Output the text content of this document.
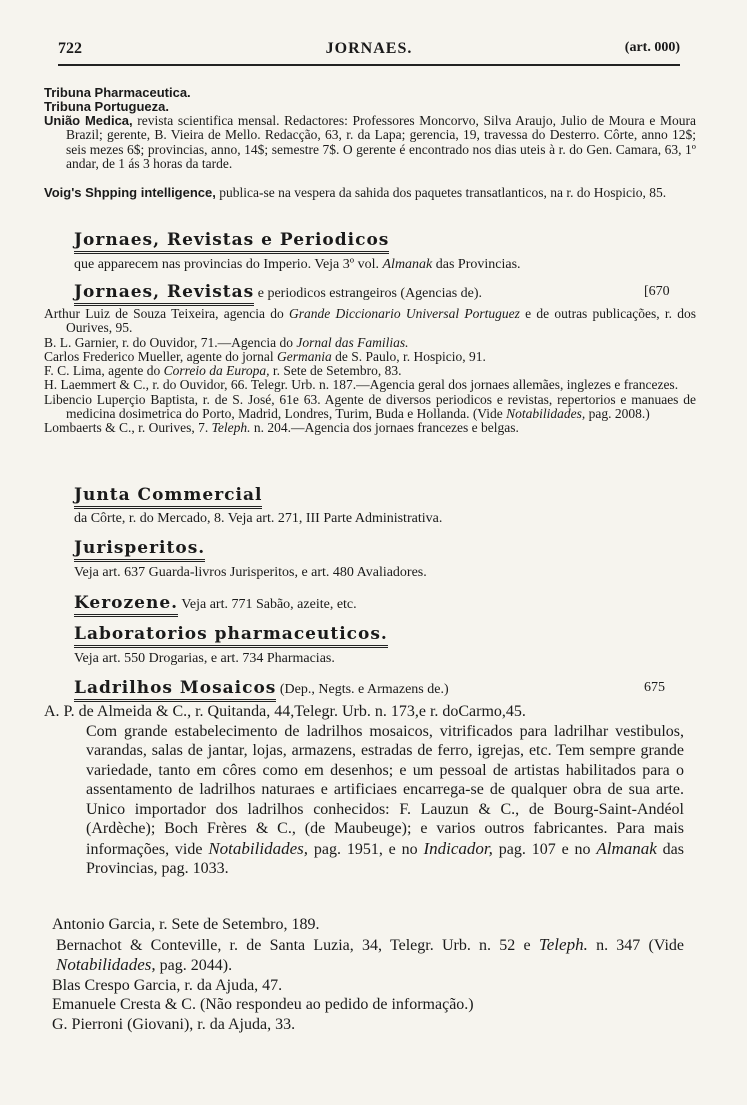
722	JORNAES.	(art. 000)
Tribuna Pharmaceutica.
Tribuna Portugueza.
União Medica, revista scientifica mensal. Redactores: Professores Moncorvo, Silva Araujo, Julio de Moura e Moura Brazil; gerente, B. Vieira de Mello. Redacção, 63, r. da Lapa; gerencia, 19, travessa do Desterro. Côrte, anno 12$; seis mezes 6$; provincias, anno, 14$; semestre 7$. O gerente é encontrado nos dias uteis à r. do Gen. Camara, 63, 1º andar, de 1 ás 3 horas da tarde.
Voig's Shpping intelligence, publica-se na vespera da sahida dos paquetes transatlanticos, na r. do Hospicio, 85.
Jornaes, Revistas e Periodicos
que apparecem nas provincias do Imperio. Veja 3º vol. Almanak das Provincias.
Jornaes, Revistas e periodicos estrangeiros (Agencias de).	[670
Arthur Luiz de Souza Teixeira, agencia do Grande Diccionario Universal Portuguez e de outras publicações, r. dos Ourives, 95.
B. L. Garnier, r. do Ouvidor, 71.—Agencia do Jornal das Familias.
Carlos Frederico Mueller, agente do jornal Germania de S. Paulo, r. Hospicio, 91.
F. C. Lima, agente do Correio da Europa, r. Sete de Setembro, 83.
H. Laemmert & C., r. do Ouvidor, 66. Telegr. Urb. n. 187.—Agencia geral dos jornaes allemães, inglezes e francezes.
Libencio Luperçio Baptista, r. de S. José, 61e 63. Agente de diversos periodicos e revistas, repertorios e manuaes de medicina dosimetrica do Porto, Madrid, Londres, Turim, Buda e Hollanda. (Vide Notabilidades, pag. 2008.)
Lombaerts & C., r. Ourives, 7. Teleph. n. 204.—Agencia dos jornaes francezes e belgas.
Junta Commercial
da Côrte, r. do Mercado, 8. Veja art. 271, III Parte Administrativa.
Jurisperitos.
Veja art. 637 Guarda-livros Jurisperitos, e art. 480 Avaliadores.
Kerozene. Veja art. 771 Sabão, azeite, etc.
Laboratorios pharmaceuticos.
Veja art. 550 Drogarias, e art. 734 Pharmacias.
Ladrilhos Mosaicos (Dep., Negts. e Armazens de.)	675
A. P. de Almeida & C., r. Quitanda, 44,Telegr. Urb. n. 173,e r. doCarmo,45.
Com grande estabelecimento de ladrilhos mosaicos, vitrificados para ladrilhar vestibulos, varandas, salas de jantar, lojas, armazens, estradas de ferro, igrejas, etc. Tem sempre grande variedade, tanto em côres como em desenhos; e um pessoal de artistas habilitados para o assentamento de ladrilhos naturaes e artificiaes encarrega-se de qualquer obra de sua arte. Unico importador dos ladrilhos conhecidos: F. Lauzun & C., de Bourg-Saint-Andéol (Ardèche); Boch Frères & C., (de Maubeuge); e varios outros fabricantes. Para mais informações, vide Notabilidades, pag. 1951, e no Indicador, pag. 107 e no Almanak das Provincias, pag. 1033.
Antonio Garcia, r. Sete de Setembro, 189.
Bernachot & Conteville, r. de Santa Luzia, 34, Telegr. Urb. n. 52 e Teleph. n. 347 (Vide Notabilidades, pag. 2044).
Blas Crespo Garcia, r. da Ajuda, 47.
Emanuele Cresta & C. (Não respondeu ao pedido de informação.)
G. Pierroni (Giovani), r. da Ajuda, 33.
